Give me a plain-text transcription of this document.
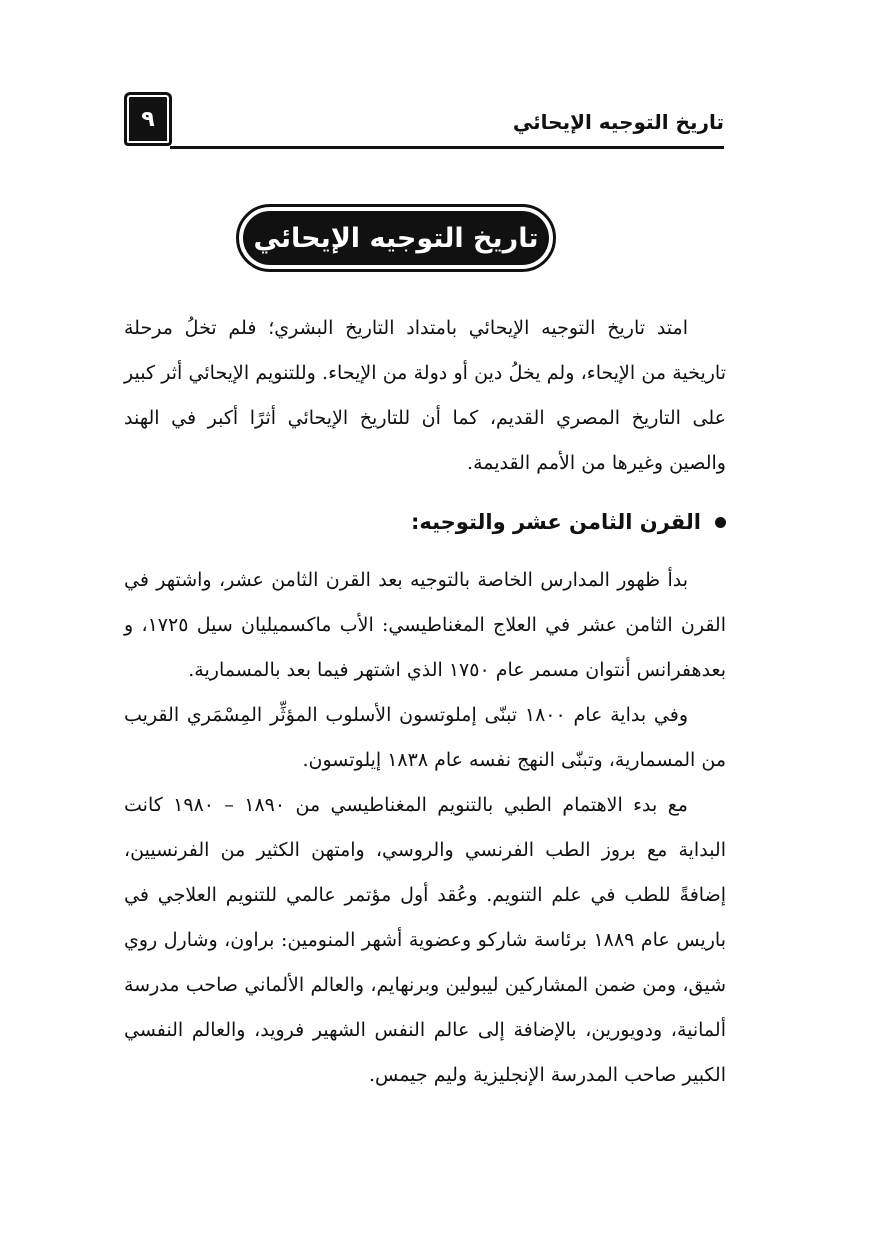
تاريخ التوجيه الإيحائي
٩
تاريخ التوجيه الإيحائي

امتد تاريخ التوجيه الإيحائي بامتداد التاريخ البشري؛ فلم تخلُ مرحلة تاريخية من الإيحاء، ولم يخلُ دين أو دولة من الإيحاء. وللتنويم الإيحائي أثر كبير على التاريخ المصري القديم، كما أن للتاريخ الإيحائي أثرًا أكبر في الهند والصين وغيرها من الأمم القديمة.

القرن الثامن عشر والتوجيه:

بدأ ظهور المدارس الخاصة بالتوجيه بعد القرن الثامن عشر، واشتهر في القرن الثامن عشر في العلاج المغناطيسي: الأب ماكسميليان سيل ١٧٢٥، و بعدهفرانس أنتوان مسمر عام ١٧٥٠ الذي اشتهر فيما بعد بالمسمارية.

وفي بداية عام ١٨٠٠ تبنّى إملوتسون الأسلوب المؤثِّر المِسْمَري القريب من المسمارية، وتبنّى النهج نفسه عام ١٨٣٨ إيلوتسون.

مع بدء الاهتمام الطبي بالتنويم المغناطيسي من ١٨٩٠ – ١٩٨٠ كانت البداية مع بروز الطب الفرنسي والروسي، وامتهن الكثير من الفرنسيين، إضافةً للطب في علم التنويم. وعُقد أول مؤتمر عالمي للتنويم العلاجي في باريس عام ١٨٨٩ برئاسة شاركو وعضوية أشهر المنومين: براون، وشارل روي شيق، ومن ضمن المشاركين ليبولين وبرنهايم، والعالم الألماني صاحب مدرسة ألمانية، ودويورين، بالإضافة إلى عالم النفس الشهير فرويد، والعالم النفسي الكبير صاحب المدرسة الإنجليزية وليم جيمس.
